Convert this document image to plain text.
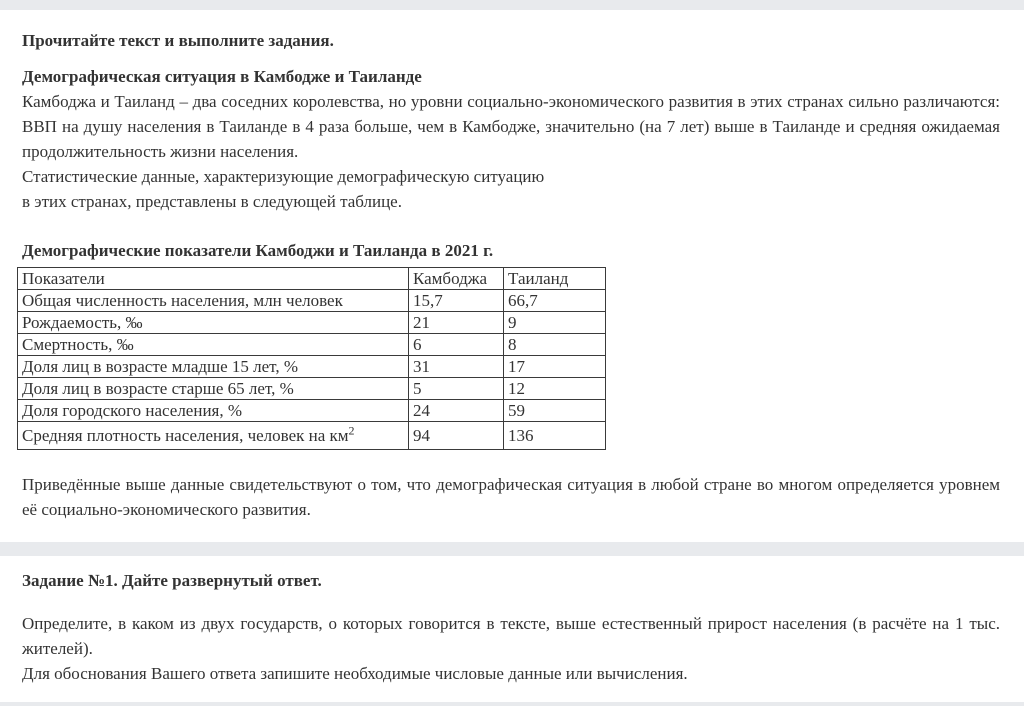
Прочитайте текст и выполните задания.

Демографическая ситуация в Камбодже и Таиланде

Камбоджа и Таиланд – два соседних королевства, но уровни социально-экономического развития в этих странах сильно различаются: ВВП на душу населения в Таиланде в 4 раза больше, чем в Камбодже, значительно (на 7 лет) выше в Таиланде и средняя ожидаемая продолжительность жизни населения.

Статистические данные, характеризующие демографическую ситуацию

в этих странах, представлены в следующей таблице.

Демографические показатели Камбоджи и Таиланда в 2021 г.

Показатели	Камбоджа	Таиланд
Общая численность населения, млн человек	15,7	66,7
Рождаемость, ‰	21	9
Смертность, ‰	6	8
Доля лиц в возрасте младше 15 лет, %	31	17
Доля лиц в возрасте старше 65 лет, %	5	12
Доля городского населения, %	24	59
Средняя плотность населения, человек на $км^2$	94	136

Приведённые выше данные свидетельствуют о том, что демографическая ситуация в любой стране во многом определяется уровнем её социально-экономического развития.

Задание №1. Дайте развернутый ответ.

Определите, в каком из двух государств, о которых говорится в тексте, выше естественный прирост населения (в расчёте на 1 тыс. жителей).

Для обоснования Вашего ответа запишите необходимые числовые данные или вычисления.
